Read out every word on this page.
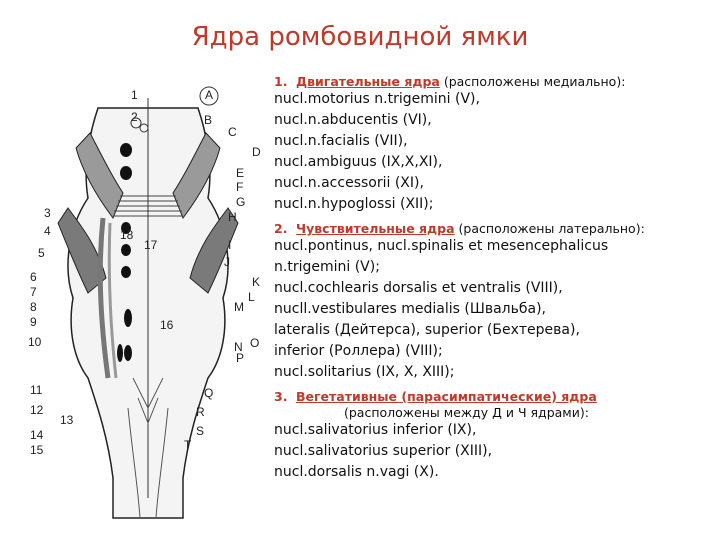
Ядра ромбовидной ямки
6
7
8
9
10
11
12
13
14
15
1
2
3
4
5
18
17
16
A
B
C
D
E
F
G
H
I
J
K
L
M
N O
P
Q
R
S
T
1. Двигательные ядра (расположены медиально):
nucl.motorius n.trigemini (V),
nucl.n.abducentis (VI),
nucl.n.facialis (VII),
nucl.ambiguus (IX,X,XI),
nucl.n.accessorii (XI),
nucl.n.hypoglossi (XII);
2. Чувствительные ядра (расположены латерально):
nucl.pontinus, nucl.spinalis et mesencephalicus
n.trigemini (V);
nucl.cochlearis dorsalis et ventralis (VIII),
nucll.vestibulares medialis (Швальба),
lateralis (Дейтерса), superior (Бехтерева),
inferior (Роллера) (VIII);
nucl.solitarius (IX, X, XIII);
3. Вегетативные (парасимпатические) ядра
(расположены между Д и Ч ядрами):
nucl.salivatorius inferior (IX),
nucl.salivatorius superior (XIII),
nucl.dorsalis n.vagi (X).
